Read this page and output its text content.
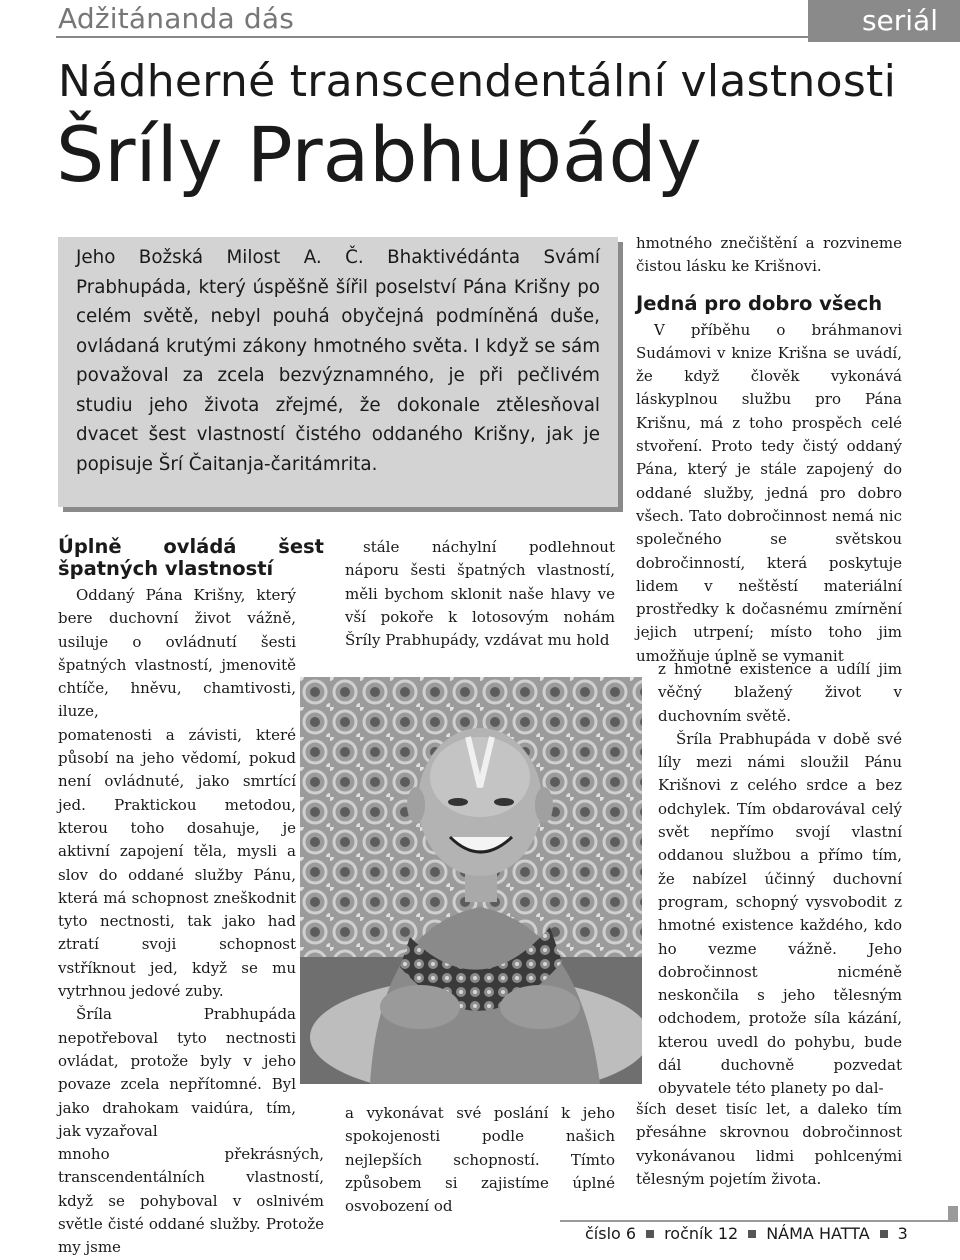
Adžitánanda dás	seriál
Nádherné transcendentální vlastnosti
Šríly Prabhupády

Jeho Božská Milost A. Č. Bhaktivédánta Svámí Prabhupáda, který úspěšně šířil poselství Pána Krišny po celém světě, nebyl pouhá obyčejná podmíněná duše, ovládaná krutými zákony hmotného světa. I když se sám považoval za zcela bezvýznamného, je při pečlivém studiu jeho života zřejmé, že dokonale ztělesňoval dvacet šest vlastností čistého oddaného Krišny, jak je popisuje Šrí Čaitanja-čaritámrita.

Úplně ovládá šest špatných vlastností

Oddaný Pána Krišny, který bere duchovní život vážně, usiluje o ovládnutí šesti špatných vlastností, jmenovitě chtíče, hněvu, chamtivosti, iluze,

pomatenosti a závisti, které působí na jeho vědomí, pokud není ovládnuté, jako smrtící jed. Praktickou metodou, kterou toho dosahuje, je aktivní zapojení těla, mysli a slov do oddané služby Pánu, která má schopnost zneškodnit tyto nectnosti, tak jako had ztratí svoji schopnost vstříknout jed, když se mu vytrhnou jedové zuby.

Šríla Prabhupáda nepotřeboval tyto nectnosti ovládat, protože byly v jeho povaze zcela nepřítomné. Byl jako drahokam vaidúra, tím, jak vyzařoval

mnoho překrásných, transcendentálních vlastností, když se pohyboval v oslnivém světle čisté oddané služby. Protože my jsme

stále náchylní podlehnout náporu šesti špatných vlastností, měli bychom sklonit naše hlavy ve vší pokoře k lotosovým nohám Šríly Prabhupády, vzdávat mu hold

a vykonávat své poslání k jeho spokojenosti podle našich nejlepších schopností. Tímto způsobem si zajistíme úplné osvobození od

hmotného znečištění a rozvineme čistou lásku ke Krišnovi.

Jedná pro dobro všech

V příběhu o bráhmanovi Sudámovi v knize Krišna se uvádí, že když člověk vykonává láskyplnou službu pro Pána Krišnu, má z toho prospěch celé stvoření. Proto tedy čistý oddaný Pána, který je stále zapojený do oddané služby, jedná pro dobro všech. Tato dobročinnost nemá nic společného se světskou dobročinností, která poskytuje lidem v neštěstí materiální prostředky k dočasnému zmírnění jejich utrpení; místo toho jim umožňuje úplně se vymanit

z hmotné existence a udílí jim věčný blažený život v duchovním světě.

Šríla Prabhupáda v době své líly mezi námi sloužil Pánu Krišnovi z celého srdce a bez odchylek. Tím obdarovával celý svět nepřímo svojí vlastní oddanou službou a přímo tím, že nabízel účinný duchovní program, schopný vysvobodit z hmotné existence každého, kdo ho vezme vážně. Jeho dobročinnost nicméně neskončila s jeho tělesným odchodem, protože síla kázání, kterou uvedl do pohybu, bude dál duchovně pozvedat obyvatele této planety po dal-

ších deset tisíc let, a daleko tím přesáhne skrovnou dobročinnost vykonávanou lidmi pohlcenými tělesným pojetím života.

číslo 6 ročník 12 NÁMA HATTA 3
